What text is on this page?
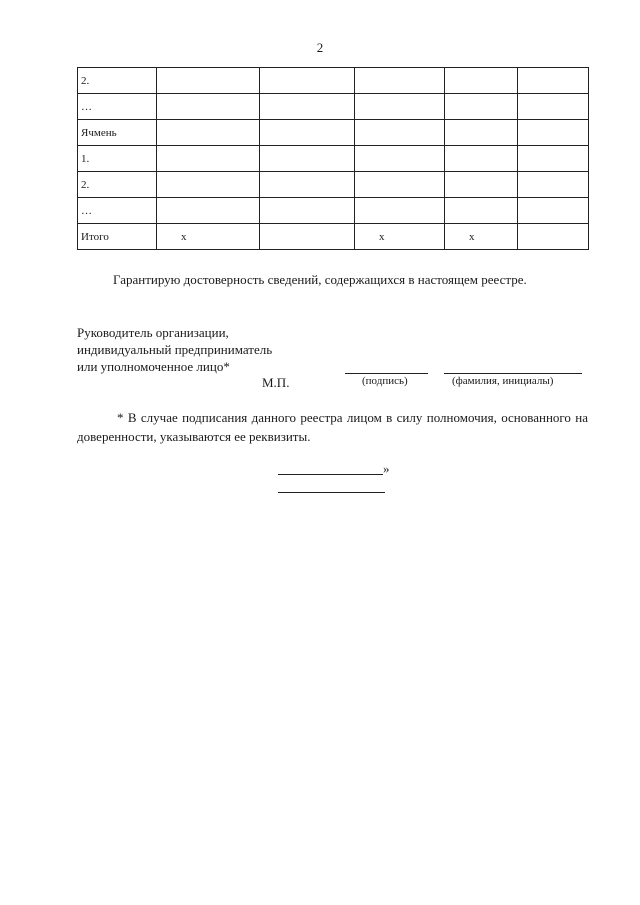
2
2.					
…					
Ячмень					
1.					
2.					
…					
Итого	x		x	x	
Гарантирую достоверность сведений, содержащихся в настоящем реестре.
Руководитель организации,
индивидуальный предприниматель
или уполномоченное лицо*
М.П.	(подпись)	(фамилия, инициалы)
* В случае подписания данного реестра лицом в силу полномочия, основанного на доверенности, указываются ее реквизиты.
»
